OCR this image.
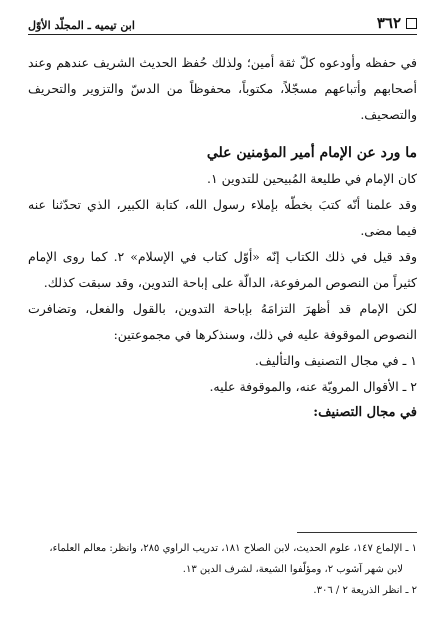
٣٦٢
ابن تيميه ـ المجلّد الأوّل

في حفظه وأودعوه كلّ ثقة أمين؛ ولذلك حُفظ الحديث الشريف عندهم وعند أصحابهم وأتباعهم مسجّلاً، مكتوباً، محفوظاً من الدسّ والتزوير والتحريف والتصحيف.

ما ورد عن الإمام أمير المؤمنين علي

كان الإمام في طليعة المُبيحين للتدوين ١.

وقد علمنا أنّه كتبَ بخطّه بإملاء رسول الله، كتابة الكبير، الذي تحدّثنا عنه فيما مضى.

وقد قيل في ذلك الكتاب إنّه «أوّل كتاب في الإسلام» ٢. كما روى الإمام كثيراً من النصوص المرفوعة، الدالّة على إباحة التدوين، وقد سبقت كذلك.

لكن الإمام قد أظهرَ التزامَهُ بإباحة التدوين، بالقول والفعل، وتضافرت النصوص الموقوفة عليه في ذلك، وسنذكرها في مجموعتين:

١ ـ في مجال التصنيف والتأليف.

٢ ـ الأقوال المرويّة عنه، والموقوفة عليه.

في مجال التصنيف:

١ ـ الإلماع ١٤٧، علوم الحديث، لابن الصلاح ١٨١، تدريب الراوي ٢٨٥، وانظر: معالم العلماء،

لابن شهر آشوب ٢، ومؤلّفوا الشيعة، لشرف الدين ١٣.

٢ ـ انظر الذريعة ٢ / ٣٠٦.
